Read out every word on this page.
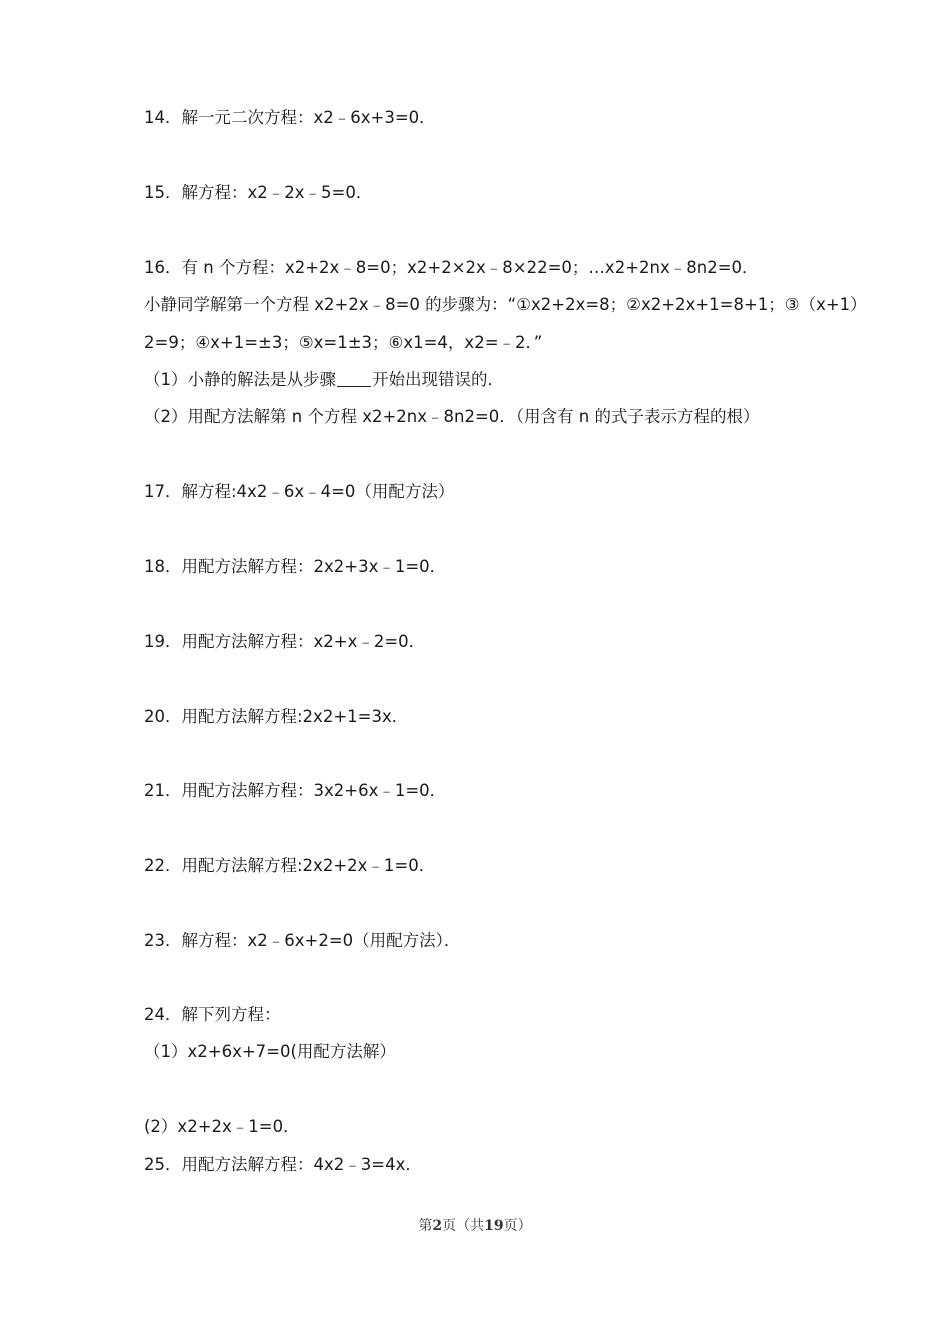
14．解一元二次方程：x2﹣6x+3=0．
15．解方程：x2﹣2x﹣5=0．
16．有 n 个方程：x2+2x﹣8=0；x2+2×2x﹣8×22=0；…x2+2nx﹣8n2=0．
小静同学解第一个方程 x2+2x﹣8=0 的步骤为：“①x2+2x=8；②x2+2x+1=8+1；③（x+1）
2=9；④x+1=±3；⑤x=1±3；⑥x1=4，x2=﹣2．”
（1）小静的解法是从步骤 开始出现错误的．
（2）用配方法解第 n 个方程 x2+2nx﹣8n2=0．（用含有 n 的式子表示方程的根）
17．解方程:4x2﹣6x﹣4=0（用配方法）
18．用配方法解方程：2x2+3x﹣1=0．
19．用配方法解方程：x2+x﹣2=0．
20．用配方法解方程:2x2+1=3x．
21．用配方法解方程：3x2+6x﹣1=0．
22．用配方法解方程:2x2+2x﹣1=0．
23．解方程：x2﹣6x+2=0（用配方法）．
24．解下列方程：
（1）x2+6x+7=0(用配方法解）
(2）x2+2x﹣1=0．
25．用配方法解方程：4x2﹣3=4x．
第2页（共19页）
